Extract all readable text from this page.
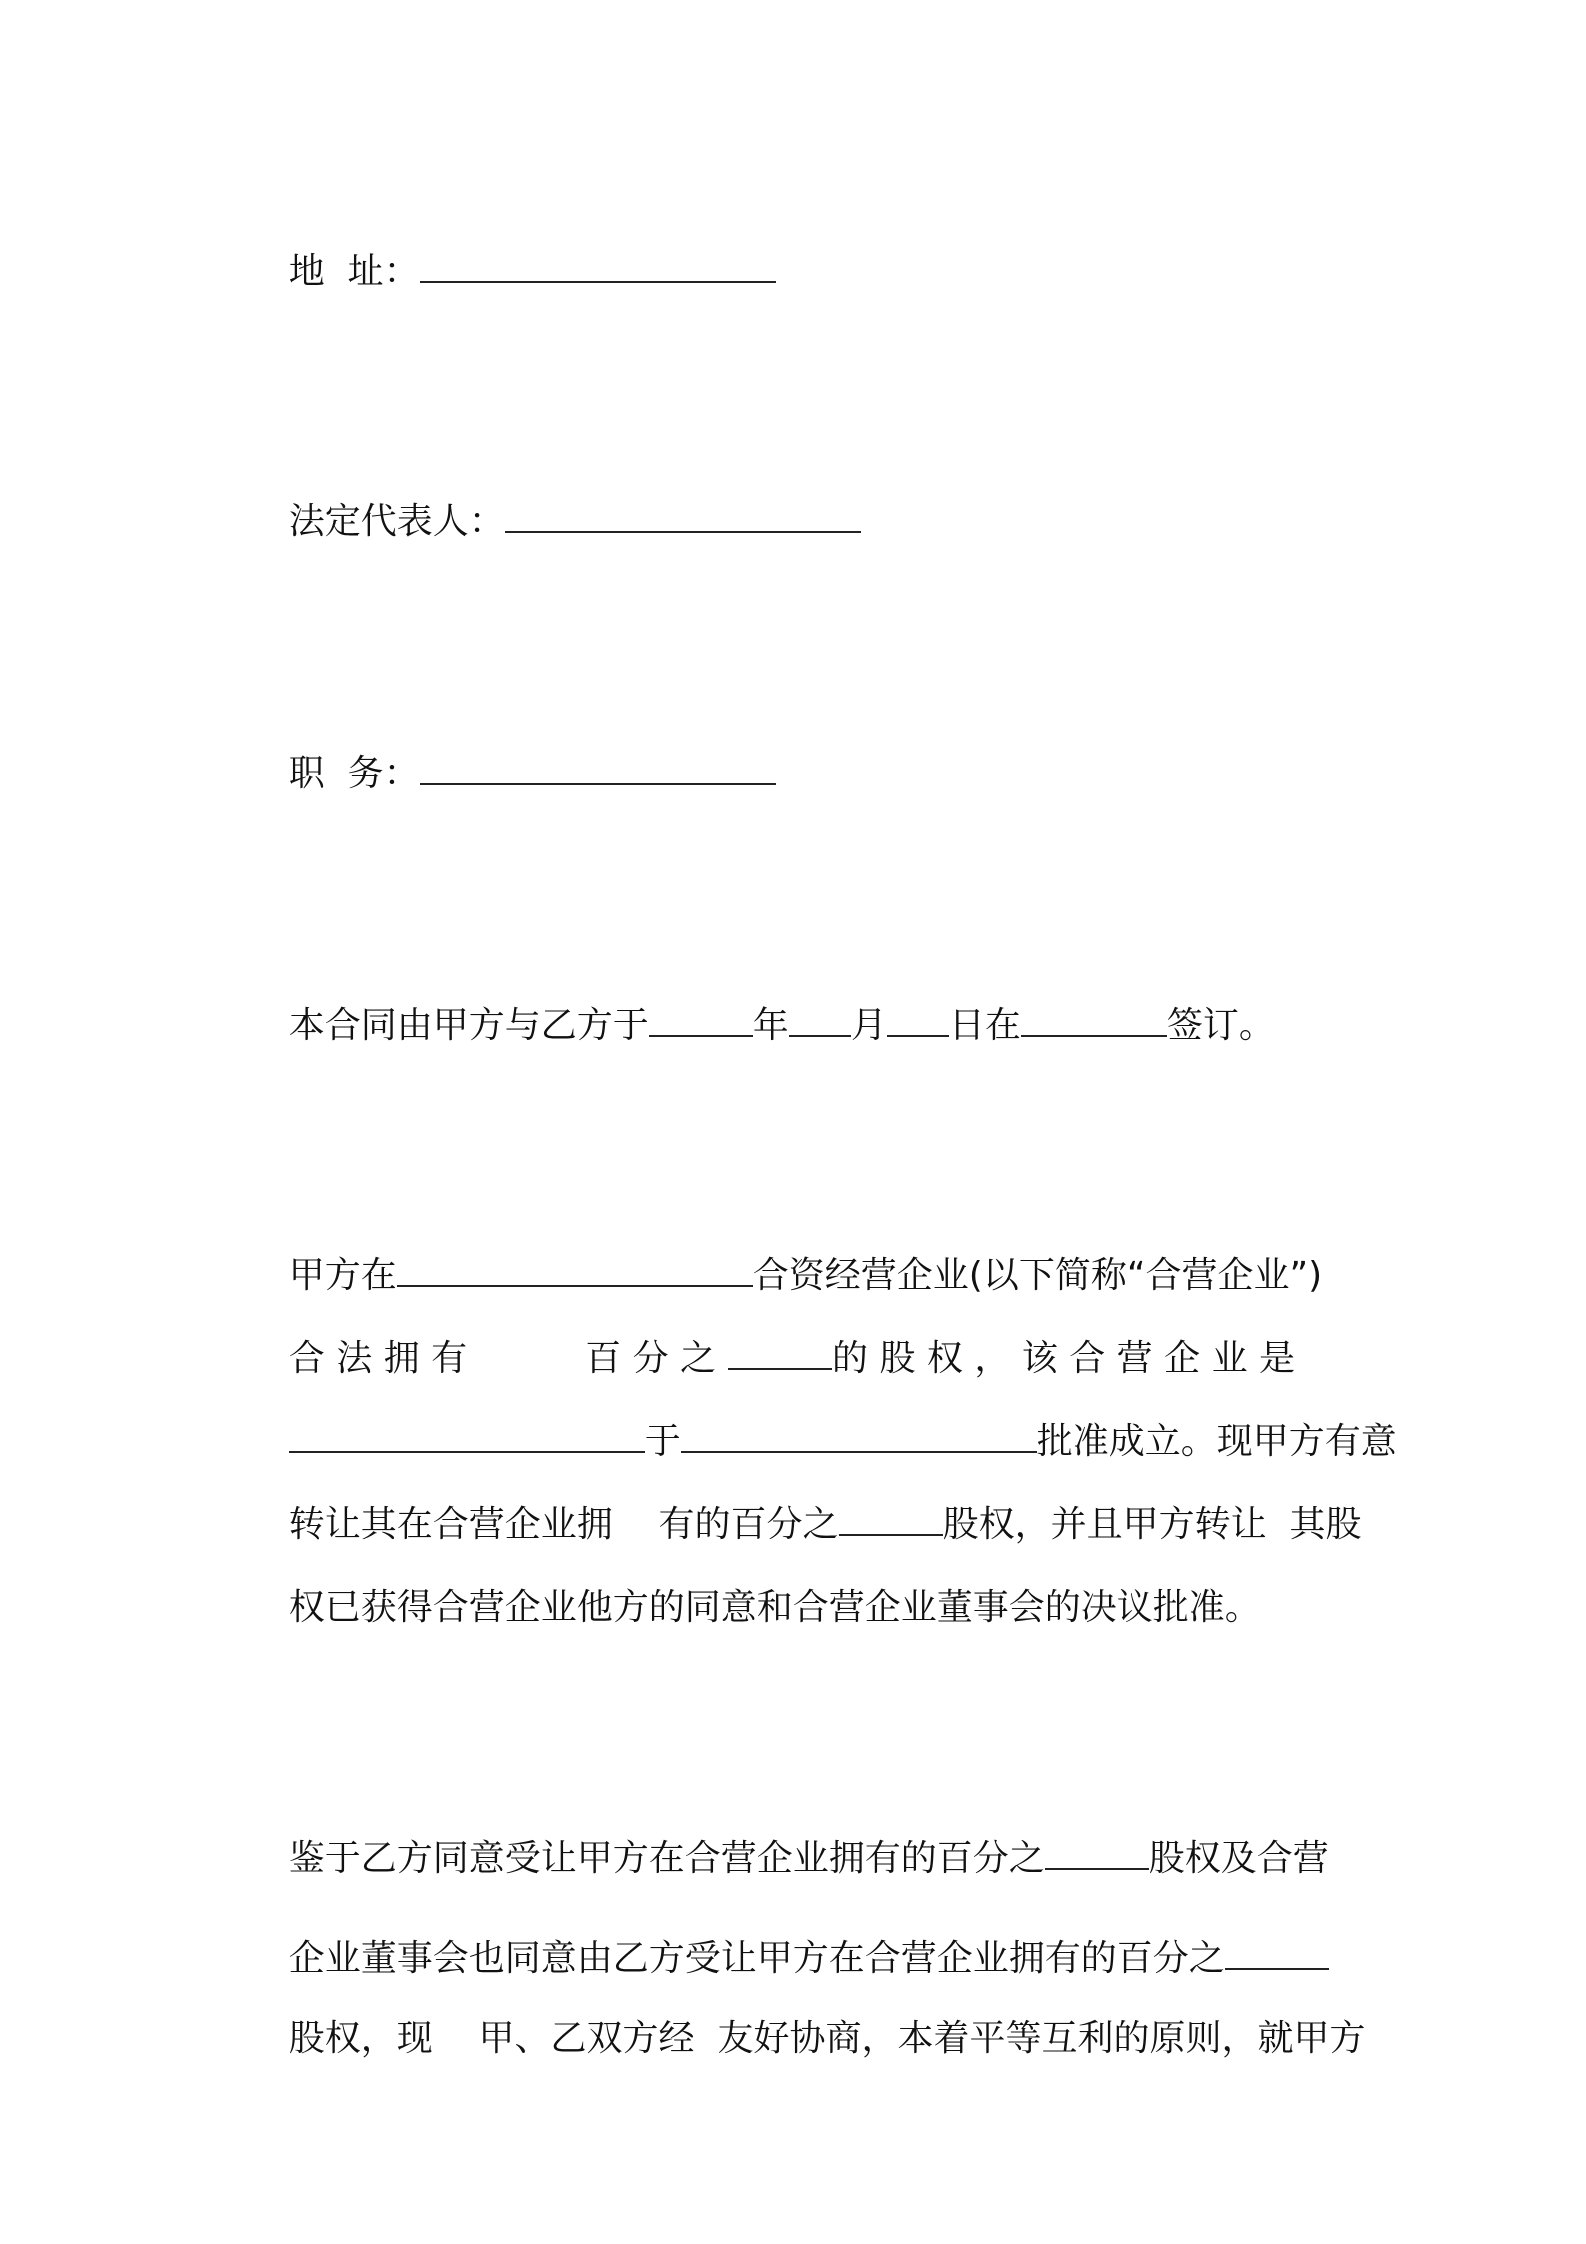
地  址：

法定代表人：

职  务：

本合同由甲方与乙方于	年 月 日在	签订。

甲方在	合资经营企业(以下简称“合营企业”)

合 法 拥 有	百 分 之	的 股 权 ， 该 合 营 企 业 是

于	批准成立。现甲方有意

转让其在合营企业拥    有的百分之	股权，并且甲方转让  其股

权已获得合营企业他方的同意和合营企业董事会的决议批准。

鉴于乙方同意受让甲方在合营企业拥有的百分之	股权及合营

企业董事会也同意由乙方受让甲方在合营企业拥有的百分之

股权，现    甲、乙双方经  友好协商，本着平等互利的原则，就甲方
